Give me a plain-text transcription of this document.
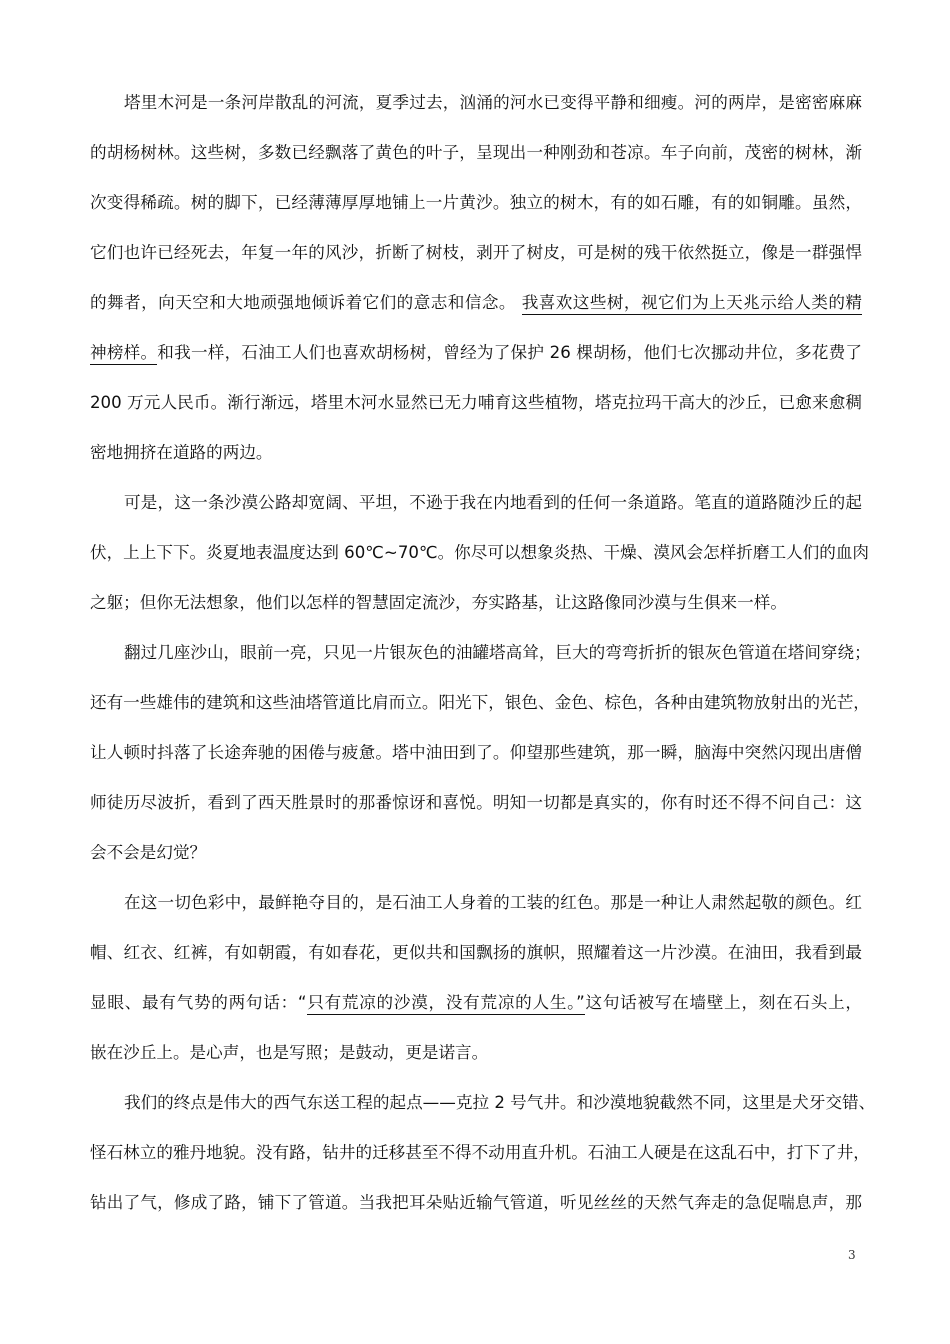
塔里木河是一条河岸散乱的河流，夏季过去，汹涌的河水已变得平静和细瘦。河的两岸，是密密麻麻
的胡杨树林。这些树，多数已经飘落了黄色的叶子，呈现出一种刚劲和苍凉。车子向前，茂密的树林，渐
次变得稀疏。树的脚下，已经薄薄厚厚地铺上一片黄沙。独立的树木，有的如石雕，有的如铜雕。虽然，
它们也许已经死去，年复一年的风沙，折断了树枝，剥开了树皮，可是树的残干依然挺立，像是一群强悍
的舞者，向天空和大地顽强地倾诉着它们的意志和信念。 我喜欢这些树，视它们为上天兆示给人类的精
神榜样。和我一样，石油工人们也喜欢胡杨树，曾经为了保护 26 棵胡杨，他们七次挪动井位，多花费了
200 万元人民币。渐行渐远，塔里木河水显然已无力哺育这些植物，塔克拉玛干高大的沙丘，已愈来愈稠
密地拥挤在道路的两边。
可是，这一条沙漠公路却宽阔、平坦，不逊于我在内地看到的任何一条道路。笔直的道路随沙丘的起
伏，上上下下。炎夏地表温度达到 60℃~70℃。你尽可以想象炎热、干燥、漠风会怎样折磨工人们的血肉
之躯；但你无法想象，他们以怎样的智慧固定流沙，夯实路基，让这路像同沙漠与生俱来一样。
翻过几座沙山，眼前一亮，只见一片银灰色的油罐塔高耸，巨大的弯弯折折的银灰色管道在塔间穿绕；
还有一些雄伟的建筑和这些油塔管道比肩而立。阳光下，银色、金色、棕色，各种由建筑物放射出的光芒，
让人顿时抖落了长途奔驰的困倦与疲惫。塔中油田到了。仰望那些建筑，那一瞬，脑海中突然闪现出唐僧
师徒历尽波折，看到了西天胜景时的那番惊讶和喜悦。明知一切都是真实的，你有时还不得不问自己：这
会不会是幻觉？
在这一切色彩中，最鲜艳夺目的，是石油工人身着的工装的红色。那是一种让人肃然起敬的颜色。红
帽、红衣、红裤，有如朝霞，有如春花，更似共和国飘扬的旗帜，照耀着这一片沙漠。在油田，我看到最
显眼、最有气势的两句话：“只有荒凉的沙漠，没有荒凉的人生。”这句话被写在墙壁上，刻在石头上，
嵌在沙丘上。是心声，也是写照；是鼓动，更是诺言。
我们的终点是伟大的西气东送工程的起点——克拉 2 号气井。和沙漠地貌截然不同，这里是犬牙交错、
怪石林立的雅丹地貌。没有路，钻井的迁移甚至不得不动用直升机。石油工人硬是在这乱石中，打下了井，
钻出了气，修成了路，铺下了管道。当我把耳朵贴近输气管道，听见丝丝的天然气奔走的急促喘息声，那
3
